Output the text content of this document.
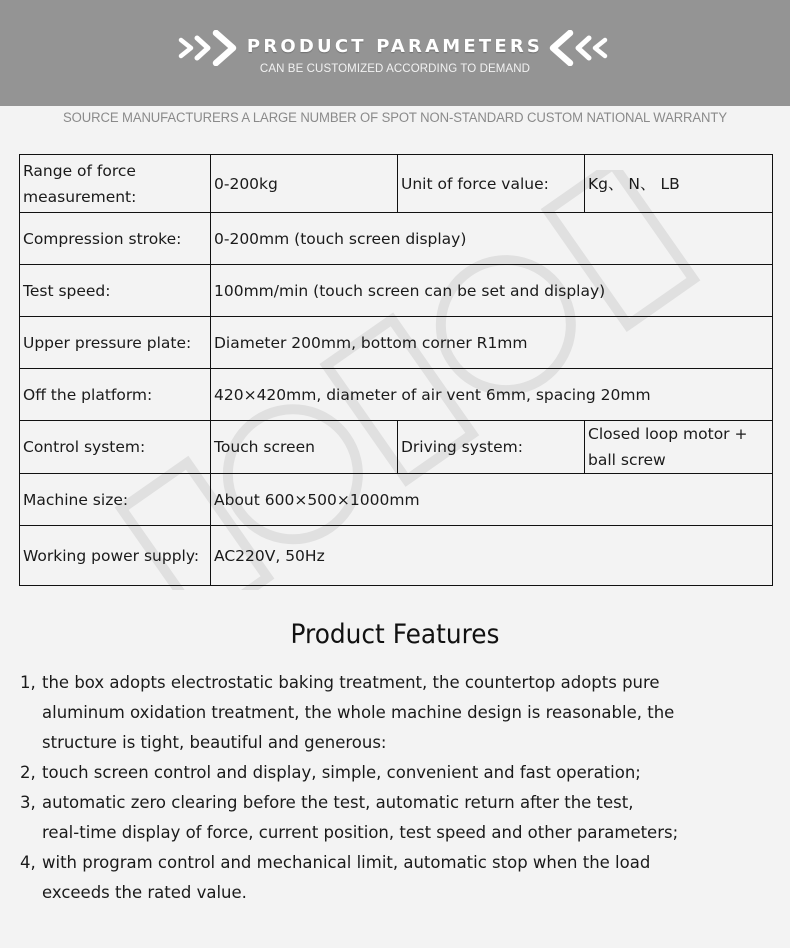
PRODUCT PARAMETERS
CAN BE CUSTOMIZED ACCORDING TO DEMAND
SOURCE MANUFACTURERS A LARGE NUMBER OF SPOT NON-STANDARD CUSTOM NATIONAL WARRANTY
Range of force measurement:	0-200kg	Unit of force value:	Kg、 N、 LB
Compression stroke:	0-200mm (touch screen display)		
Test speed:	100mm/min (touch screen can be set and display)		
Upper pressure plate:	Diameter 200mm, bottom corner R1mm		
Off the platform:	420×420mm, diameter of air vent 6mm, spacing 20mm		
Control system:	Touch screen	Driving system:	Closed loop motor + ball screw
Machine size:	About 600×500×1000mm		
Working power supply:	AC220V, 50Hz		
Product Features
1, the box adopts electrostatic baking treatment, the countertop adopts pure
aluminum oxidation treatment, the whole machine design is reasonable, the
structure is tight, beautiful and generous:
2, touch screen control and display, simple, convenient and fast operation;
3, automatic zero clearing before the test, automatic return after the test,
real-time display of force, current position, test speed and other parameters;
4, with program control and mechanical limit, automatic stop when the load
exceeds the rated value.
